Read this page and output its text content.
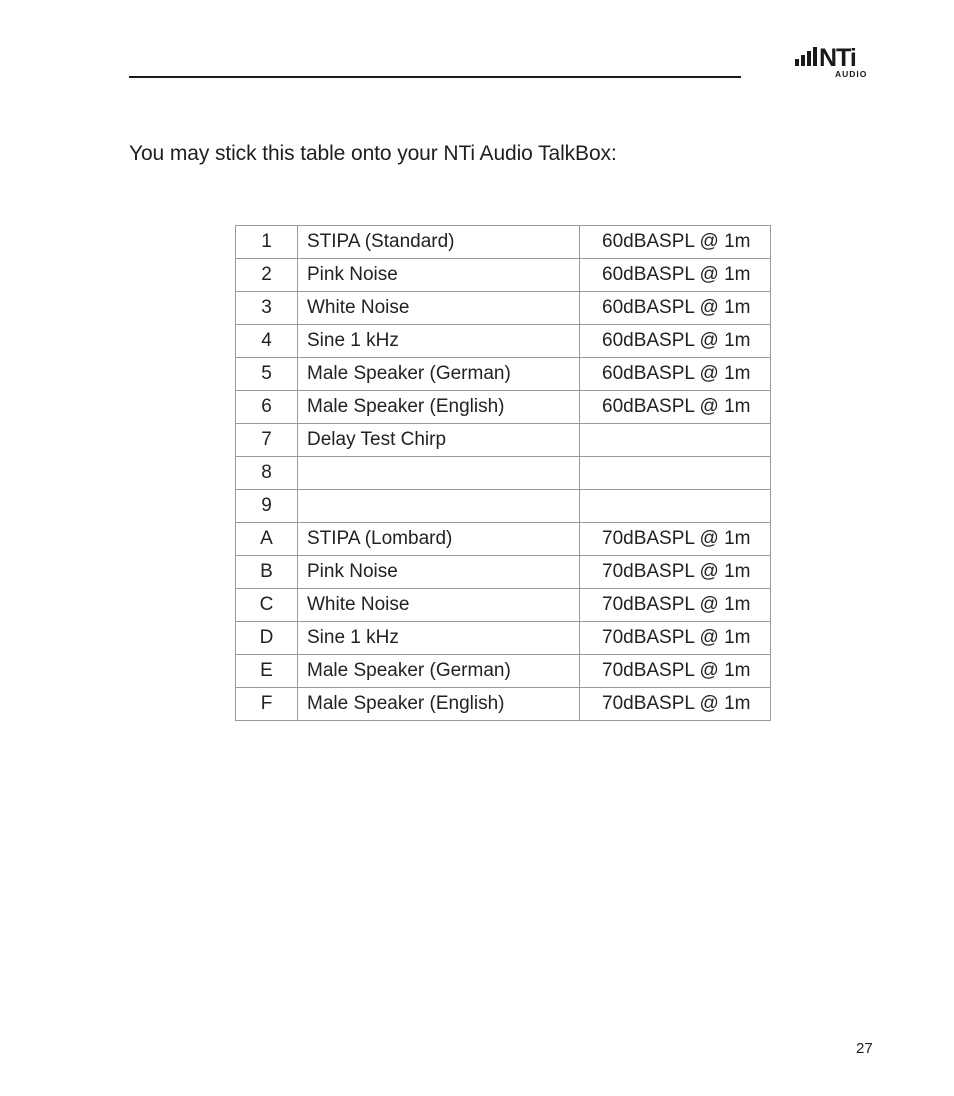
NTi
AUDIO
You may stick this table onto your NTi Audio TalkBox:
1	STIPA (Standard)	60dBASPL @ 1m
2	Pink Noise	60dBASPL @ 1m
3	White Noise	60dBASPL @ 1m
4	Sine 1 kHz	60dBASPL @ 1m
5	Male Speaker (German)	60dBASPL @ 1m
6	Male Speaker (English)	60dBASPL @ 1m
7	Delay Test Chirp	
8		
9		
A	STIPA (Lombard)	70dBASPL @ 1m
B	Pink Noise	70dBASPL @ 1m
C	White Noise	70dBASPL @ 1m
D	Sine 1 kHz	70dBASPL @ 1m
E	Male Speaker (German)	70dBASPL @ 1m
F	Male Speaker (English)	70dBASPL @ 1m
27
